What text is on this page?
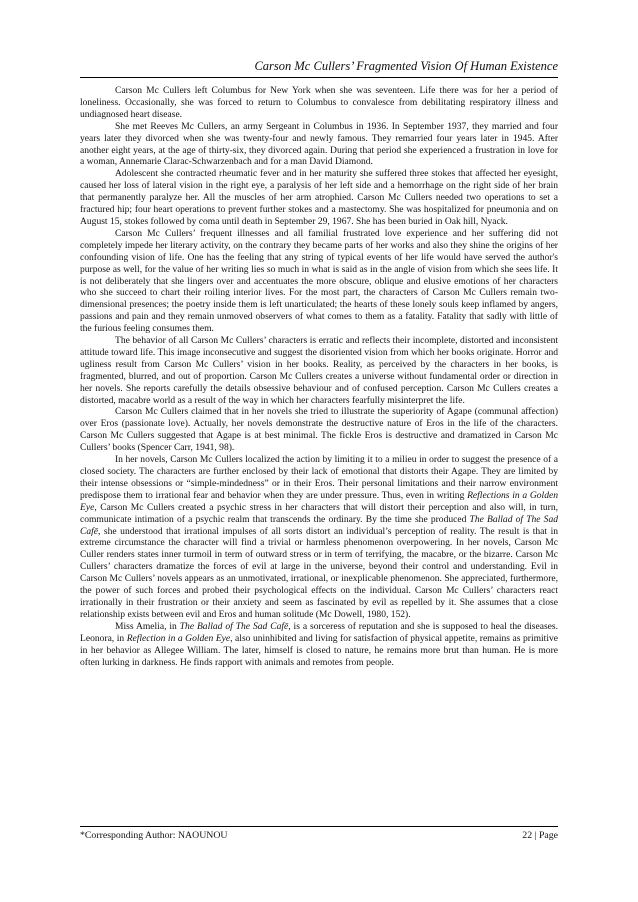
Carson Mc Cullers’ Fragmented Vision Of Human Existence

Carson Mc Cullers left Columbus for New York when she was seventeen. Life there was for her a period of loneliness. Occasionally, she was forced to return to Columbus to convalesce from debilitating respiratory illness and undiagnosed heart disease.

She met Reeves Mc Cullers, an army Sergeant in Columbus in 1936. In September 1937, they married and four years later they divorced when she was twenty-four and newly famous. They remarried four years later in 1945. After another eight years, at the age of thirty-six, they divorced again. During that period she experienced a frustration in love for a woman, Annemarie Clarac-Schwarzenbach and for a man David Diamond.

Adolescent she contracted rheumatic fever and in her maturity she suffered three stokes that affected her eyesight, caused her loss of lateral vision in the right eye, a paralysis of her left side and a hemorrhage on the right side of her brain that permanently paralyze her. All the muscles of her arm atrophied. Carson Mc Cullers needed two operations to set a fractured hip; four heart operations to prevent further stokes and a mastectomy. She was hospitalized for pneumonia and on August 15, stokes followed by coma until death in September 29, 1967. She has been buried in Oak hill, Nyack.

Carson Mc Cullers’ frequent illnesses and all familial frustrated love experience and her suffering did not completely impede her literary activity, on the contrary they became parts of her works and also they shine the origins of her confounding vision of life. One has the feeling that any string of typical events of her life would have served the author's purpose as well, for the value of her writing lies so much in what is said as in the angle of vision from which she sees life. It is not deliberately that she lingers over and accentuates the more obscure, oblique and elusive emotions of her characters who she succeed to chart their roiling interior lives. For the most part, the characters of Carson Mc Cullers remain two-dimensional presences; the poetry inside them is left unarticulated; the hearts of these lonely souls keep inflamed by angers, passions and pain and they remain unmoved observers of what comes to them as a fatality. Fatality that sadly with little of the furious feeling consumes them.

The behavior of all Carson Mc Cullers’ characters is erratic and reflects their incomplete, distorted and inconsistent attitude toward life. This image inconsecutive and suggest the disoriented vision from which her books originate. Horror and ugliness result from Carson Mc Cullers’ vision in her books. Reality, as perceived by the characters in her books, is fragmented, blurred, and out of proportion. Carson Mc Cullers creates a universe without fundamental order or direction in her novels. She reports carefully the details obsessive behaviour and of confused perception. Carson Mc Cullers creates a distorted, macabre world as a result of the way in which her characters fearfully misinterpret the life.

Carson Mc Cullers claimed that in her novels she tried to illustrate the superiority of Agape (communal affection) over Eros (passionate love). Actually, her novels demonstrate the destructive nature of Eros in the life of the characters. Carson Mc Cullers suggested that Agape is at best minimal. The fickle Eros is destructive and dramatized in Carson Mc Cullers’ books (Spencer Carr, 1941, 98).

In her novels, Carson Mc Cullers localized the action by limiting it to a milieu in order to suggest the presence of a closed society. The characters are further enclosed by their lack of emotional that distorts their Agape. They are limited by their intense obsessions or “simple-mindedness” or in their Eros. Their personal limitations and their narrow environment predispose them to irrational fear and behavior when they are under pressure. Thus, even in writing Reflections in a Golden Eye, Carson Mc Cullers created a psychic stress in her characters that will distort their perception and also will, in turn, communicate intimation of a psychic realm that transcends the ordinary. By the time she produced The Ballad of The Sad Cafē, she understood that irrational impulses of all sorts distort an individual’s perception of reality. The result is that in extreme circumstance the character will find a trivial or harmless phenomenon overpowering. In her novels, Carson Mc Culler renders states inner turmoil in term of outward stress or in term of terrifying, the macabre, or the bizarre. Carson Mc Cullers’ characters dramatize the forces of evil at large in the universe, beyond their control and understanding. Evil in Carson Mc Cullers’ novels appears as an unmotivated, irrational, or inexplicable phenomenon. She appreciated, furthermore, the power of such forces and probed their psychological effects on the individual. Carson Mc Cullers’ characters react irrationally in their frustration or their anxiety and seem as fascinated by evil as repelled by it. She assumes that a close relationship exists between evil and Eros and human solitude (Mc Dowell, 1980, 152).

Miss Amelia, in The Ballad of The Sad Cafē, is a sorceress of reputation and she is supposed to heal the diseases. Leonora, in Reflection in a Golden Eye, also uninhibited and living for satisfaction of physical appetite, remains as primitive in her behavior as Allegee William. The later, himself is closed to nature, he remains more brut than human. He is more often lurking in darkness. He finds rapport with animals and remotes from people.

*Corresponding Author: NAOUNOU	22 | Page
